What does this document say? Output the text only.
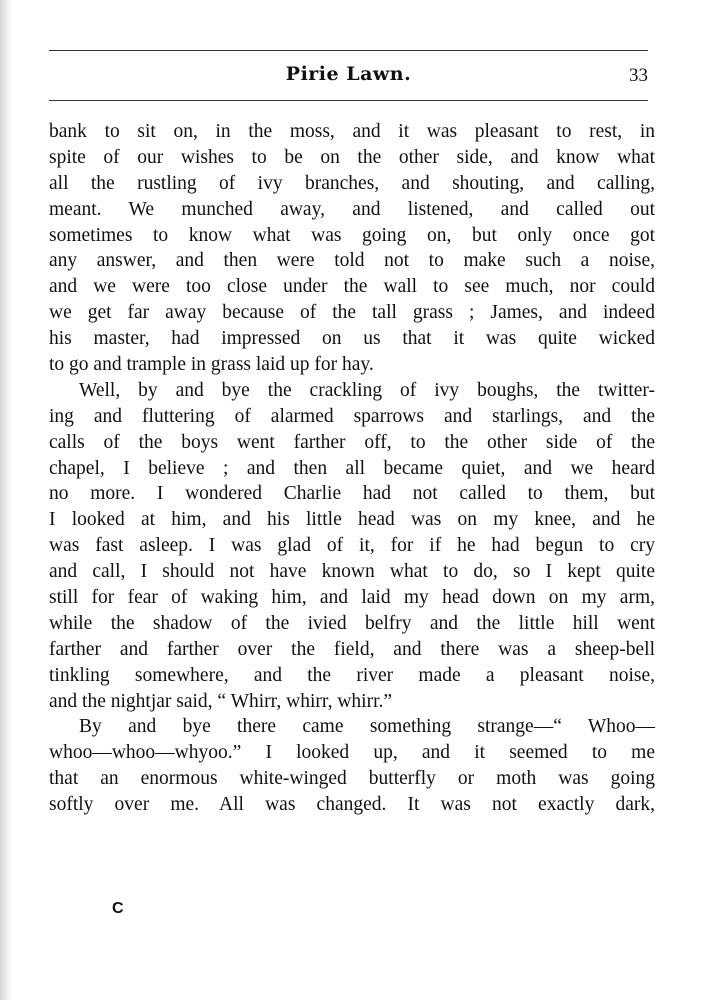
Pirie Lawn.	33
bank to sit on, in the moss, and it was pleasant to rest, in
spite of our wishes to be on the other side, and know what
all the rustling of ivy branches, and shouting, and calling,
meant. We munched away, and listened, and called out
sometimes to know what was going on, but only once got
any answer, and then were told not to make such a noise,
and we were too close under the wall to see much, nor could
we get far away because of the tall grass ; James, and indeed
his master, had impressed on us that it was quite wicked
to go and trample in grass laid up for hay.
Well, by and bye the crackling of ivy boughs, the twitter-
ing and fluttering of alarmed sparrows and starlings, and the
calls of the boys went farther off, to the other side of the
chapel, I believe ; and then all became quiet, and we heard
no more. I wondered Charlie had not called to them, but
I looked at him, and his little head was on my knee, and he
was fast asleep. I was glad of it, for if he had begun to cry
and call, I should not have known what to do, so I kept quite
still for fear of waking him, and laid my head down on my arm,
while the shadow of the ivied belfry and the little hill went
farther and farther over the field, and there was a sheep-bell
tinkling somewhere, and the river made a pleasant noise,
and the nightjar said, “ Whirr, whirr, whirr.”
By and bye there came something strange—“ Whoo—
whoo—whoo—whyoo.” I looked up, and it seemed to me
that an enormous white-winged butterfly or moth was going
softly over me. All was changed. It was not exactly dark,
C
